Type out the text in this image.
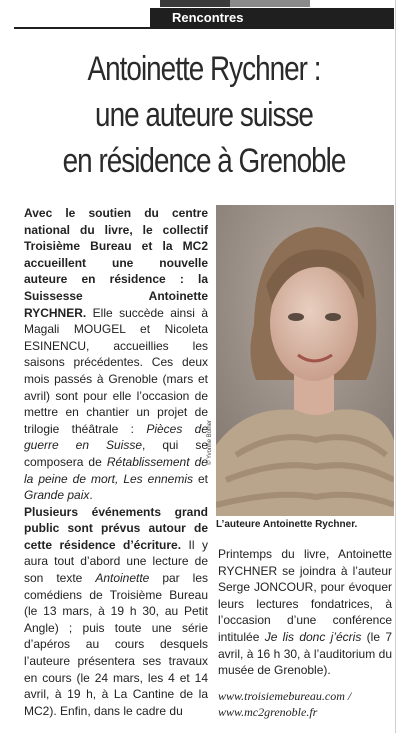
Rencontres
Antoinette Rychner :
une auteure suisse
en résidence à Grenoble

Avec le soutien du centre national du livre, le collectif Troisième Bureau et la MC2 accueillent une nouvelle auteure en résidence : la Suissesse Antoinette RYCHNER. Elle succède ainsi à Magali MOUGEL et Nicoleta ESINENCU, accueillies les saisons précédentes. Ces deux mois passés à Grenoble (mars et avril) sont pour elle l’occasion de mettre en chantier un projet de trilogie théâtrale : Pièces de guerre en Suisse, qui se composera de Rétablissement de la peine de mort, Les ennemis et Grande paix.

Plusieurs événements grand public sont prévus autour de cette résidence d’écriture. Il y aura tout d’abord une lecture de son texte Antoinette par les comédiens de Troisième Bureau (le 13 mars, à 19 h 30, au Petit Angle) ; puis toute une série d’apéros au cours desquels l’auteure présentera ses travaux en cours (le 24 mars, les 4 et 14 avril, à 19 h, à La Cantine de la MC2). Enfin, dans le cadre du

© Yvonne Bolher
L’auteure Antoinette Rychner.

Printemps du livre, Antoinette RYCHNER se joindra à l’auteur Serge JONCOUR, pour évoquer leurs lectures fondatrices, à l’occasion d’une conférence intitulée Je lis donc j’écris (le 7 avril, à 16 h 30, à l’auditorium du musée de Grenoble).

www.troisiemebureau.com /
www.mc2grenoble.fr
